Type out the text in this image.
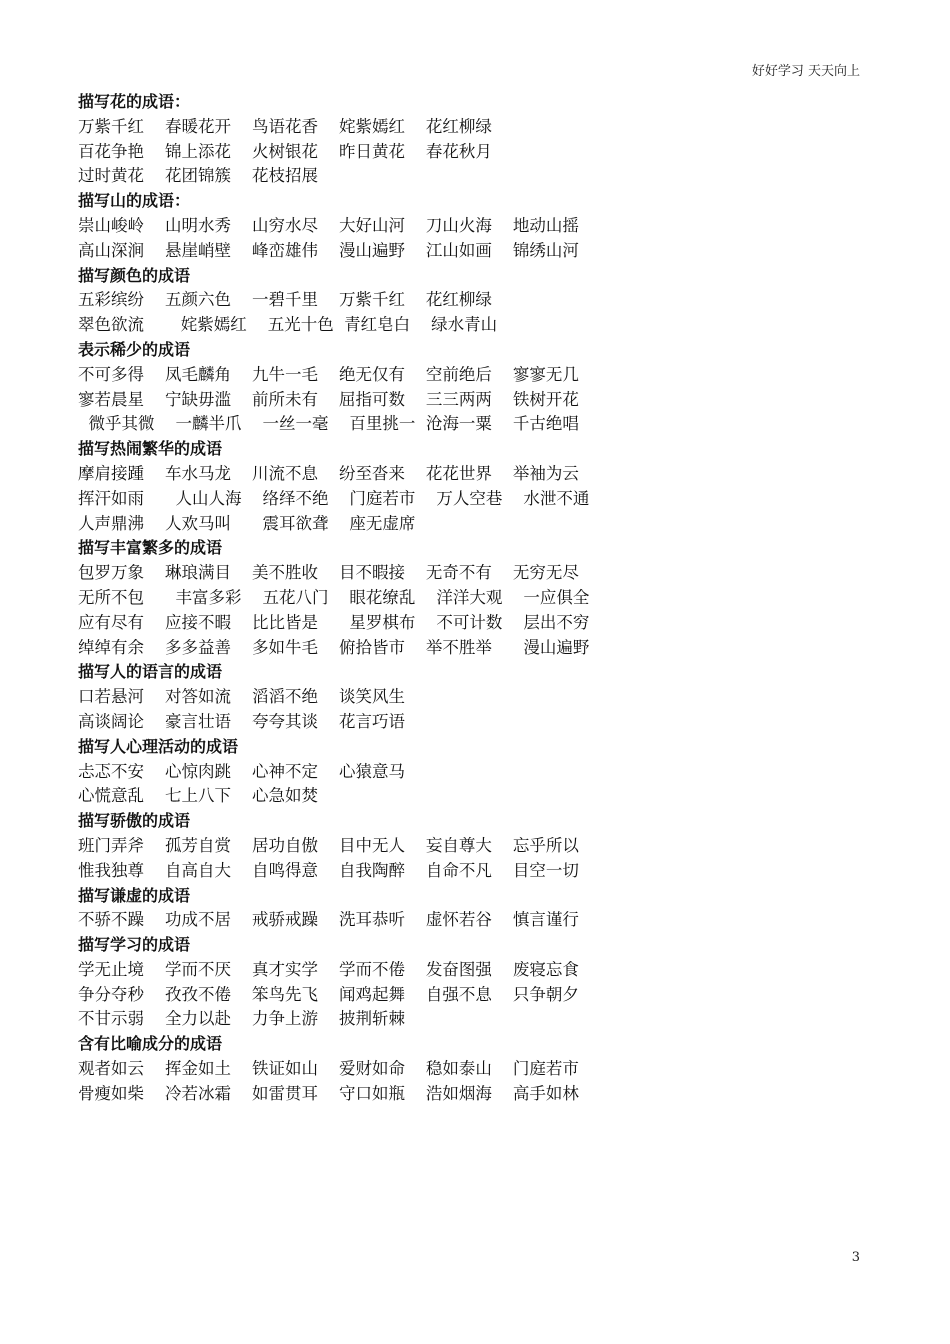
好好学习 天天向上
描写花的成语：
万紫千红    春暖花开    鸟语花香    姹紫嫣红    花红柳绿
百花争艳    锦上添花    火树银花    昨日黄花    春花秋月
过时黄花    花团锦簇    花枝招展
描写山的成语：
崇山峻岭    山明水秀    山穷水尽    大好山河    刀山火海    地动山摇
高山深涧    悬崖峭壁    峰峦雄伟    漫山遍野    江山如画    锦绣山河
描写颜色的成语
五彩缤纷    五颜六色    一碧千里    万紫千红    花红柳绿
翠色欲流       姹紫嫣红    五光十色  青红皂白    绿水青山
表示稀少的成语
不可多得    凤毛麟角    九牛一毛    绝无仅有    空前绝后    寥寥无几
寥若晨星    宁缺毋滥    前所未有    屈指可数    三三两两    铁树开花
微乎其微    一麟半爪    一丝一毫    百里挑一  沧海一粟    千古绝唱
描写热闹繁华的成语
摩肩接踵    车水马龙    川流不息    纷至沓来    花花世界    举袖为云
挥汗如雨      人山人海    络绎不绝    门庭若市    万人空巷    水泄不通
人声鼎沸    人欢马叫      震耳欲聋    座无虚席
描写丰富繁多的成语
包罗万象    琳琅满目    美不胜收    目不暇接    无奇不有    无穷无尽
无所不包      丰富多彩    五花八门    眼花缭乱    洋洋大观    一应俱全
应有尽有    应接不暇    比比皆是      星罗棋布    不可计数    层出不穷
绰绰有余    多多益善    多如牛毛    俯拾皆市    举不胜举      漫山遍野
描写人的语言的成语
口若悬河    对答如流    滔滔不绝    谈笑风生
高谈阔论    豪言壮语    夸夸其谈    花言巧语
描写人心理活动的成语
忐忑不安    心惊肉跳    心神不定    心猿意马
心慌意乱    七上八下    心急如焚
描写骄傲的成语
班门弄斧    孤芳自赏    居功自傲    目中无人    妄自尊大    忘乎所以
惟我独尊    自高自大    自鸣得意    自我陶醉    自命不凡    目空一切
描写谦虚的成语
不骄不躁    功成不居    戒骄戒躁    洗耳恭听    虚怀若谷    慎言谨行
描写学习的成语
学无止境    学而不厌    真才实学    学而不倦    发奋图强    废寝忘食
争分夺秒    孜孜不倦    笨鸟先飞    闻鸡起舞    自强不息    只争朝夕
不甘示弱    全力以赴    力争上游    披荆斩棘
含有比喻成分的成语
观者如云    挥金如土    铁证如山    爱财如命    稳如泰山    门庭若市
骨瘦如柴    冷若冰霜    如雷贯耳    守口如瓶    浩如烟海    高手如林
3
